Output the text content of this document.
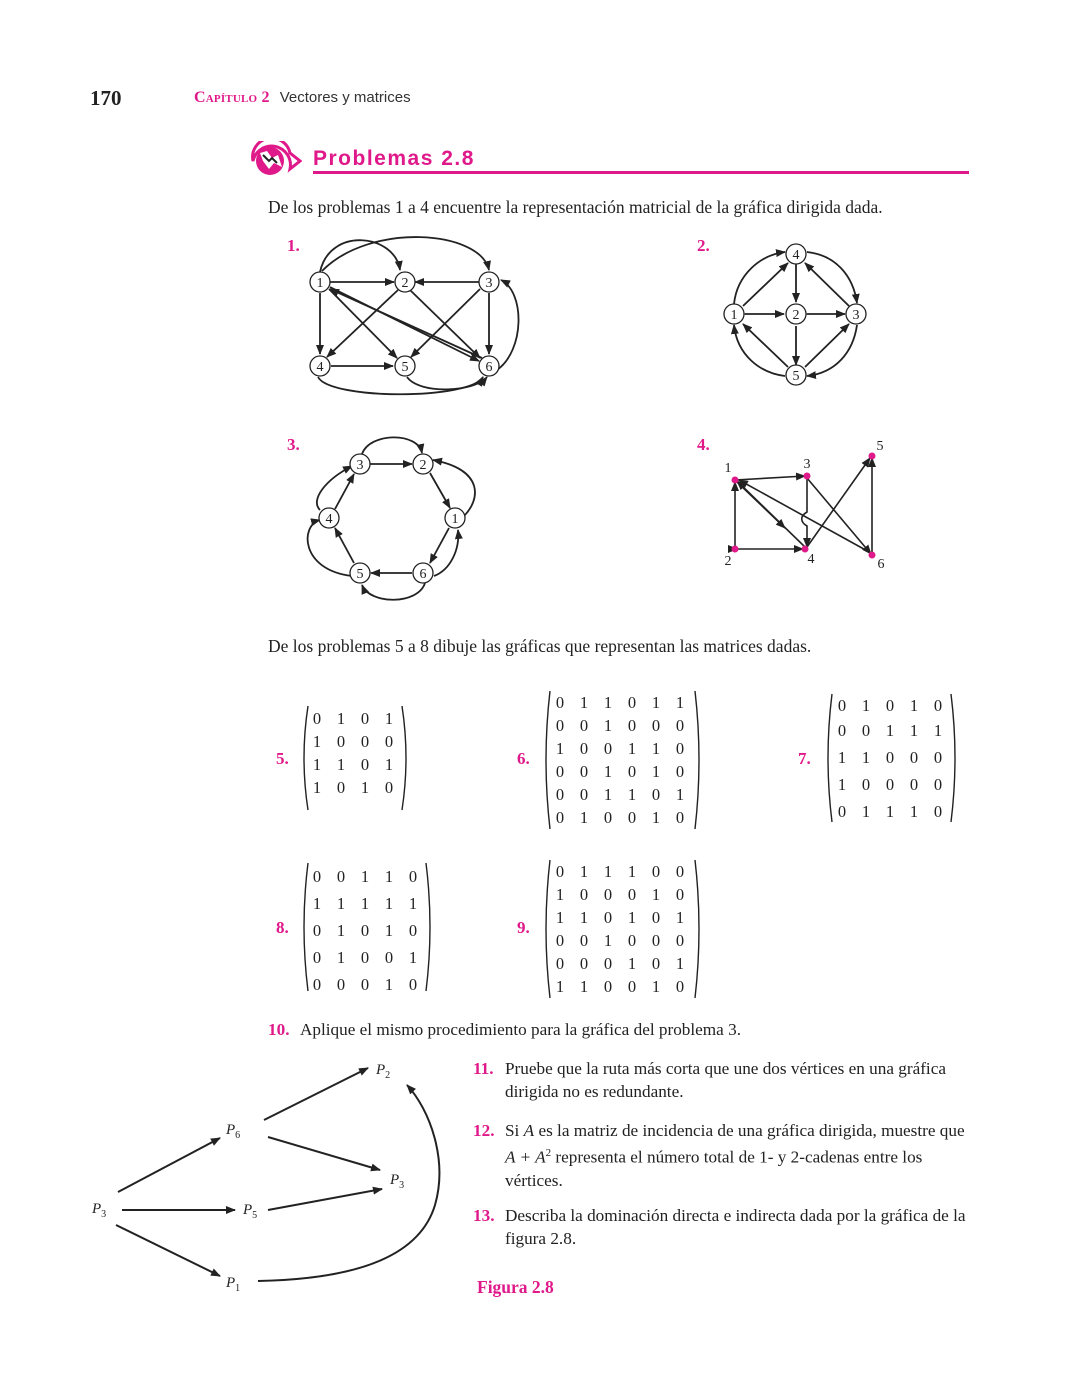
170	Capítulo 2 Vectores y matrices
Problemas 2.8
De los problemas 1 a 4 encuentre la representación matricial de la gráfica dirigida dada.
1.
1	2	3
4	5	6
2.
1	2	3
4
5
3.
1
2
3
4
5	6
4.
1
2
3
4
5
6
De los problemas 5 a 8 dibuje las gráficas que representan las matrices dadas.
5.
0	1	0	1
1	0	0	0
1	1	0	1
1	0	1	0
6.
0	1	1	0	1	1
0	0	1	0	0	0
1	0	0	1	1	0
0	0	1	0	1	0
0	0	1	1	0	1
0	1	0	0	1	0
7.
0	1	0	1	0
0	0	1	1	1
1	1	0	0	0
1	0	0	0	0
0	1	1	1	0
8.
0	0	1	1	0
1	1	1	1	1
0	1	0	1	0
0	1	0	0	1
0	0	0	1	0
9.
0	1	1	1	0	0
1	0	0	0	1	0
1	1	0	1	0	1
0	0	1	0	0	0
0	0	0	1	0	1
1	1	0	0	1	0
10. Aplique el mismo procedimiento para la gráfica del problema 3.
$P_3$
$P_6$
$P_5$
$P_1$
$P_2$
$P_3$
11. Pruebe que la ruta más corta que une dos vértices en una gráfica dirigida no es redundante.
12. Si A es la matriz de incidencia de una gráfica dirigida, muestre que $A + A^2$ representa el número total de 1- y 2-cadenas entre los vértices.
13. Describa la dominación directa e indirecta dada por la gráfica de la figura 2.8.
Figura 2.8
